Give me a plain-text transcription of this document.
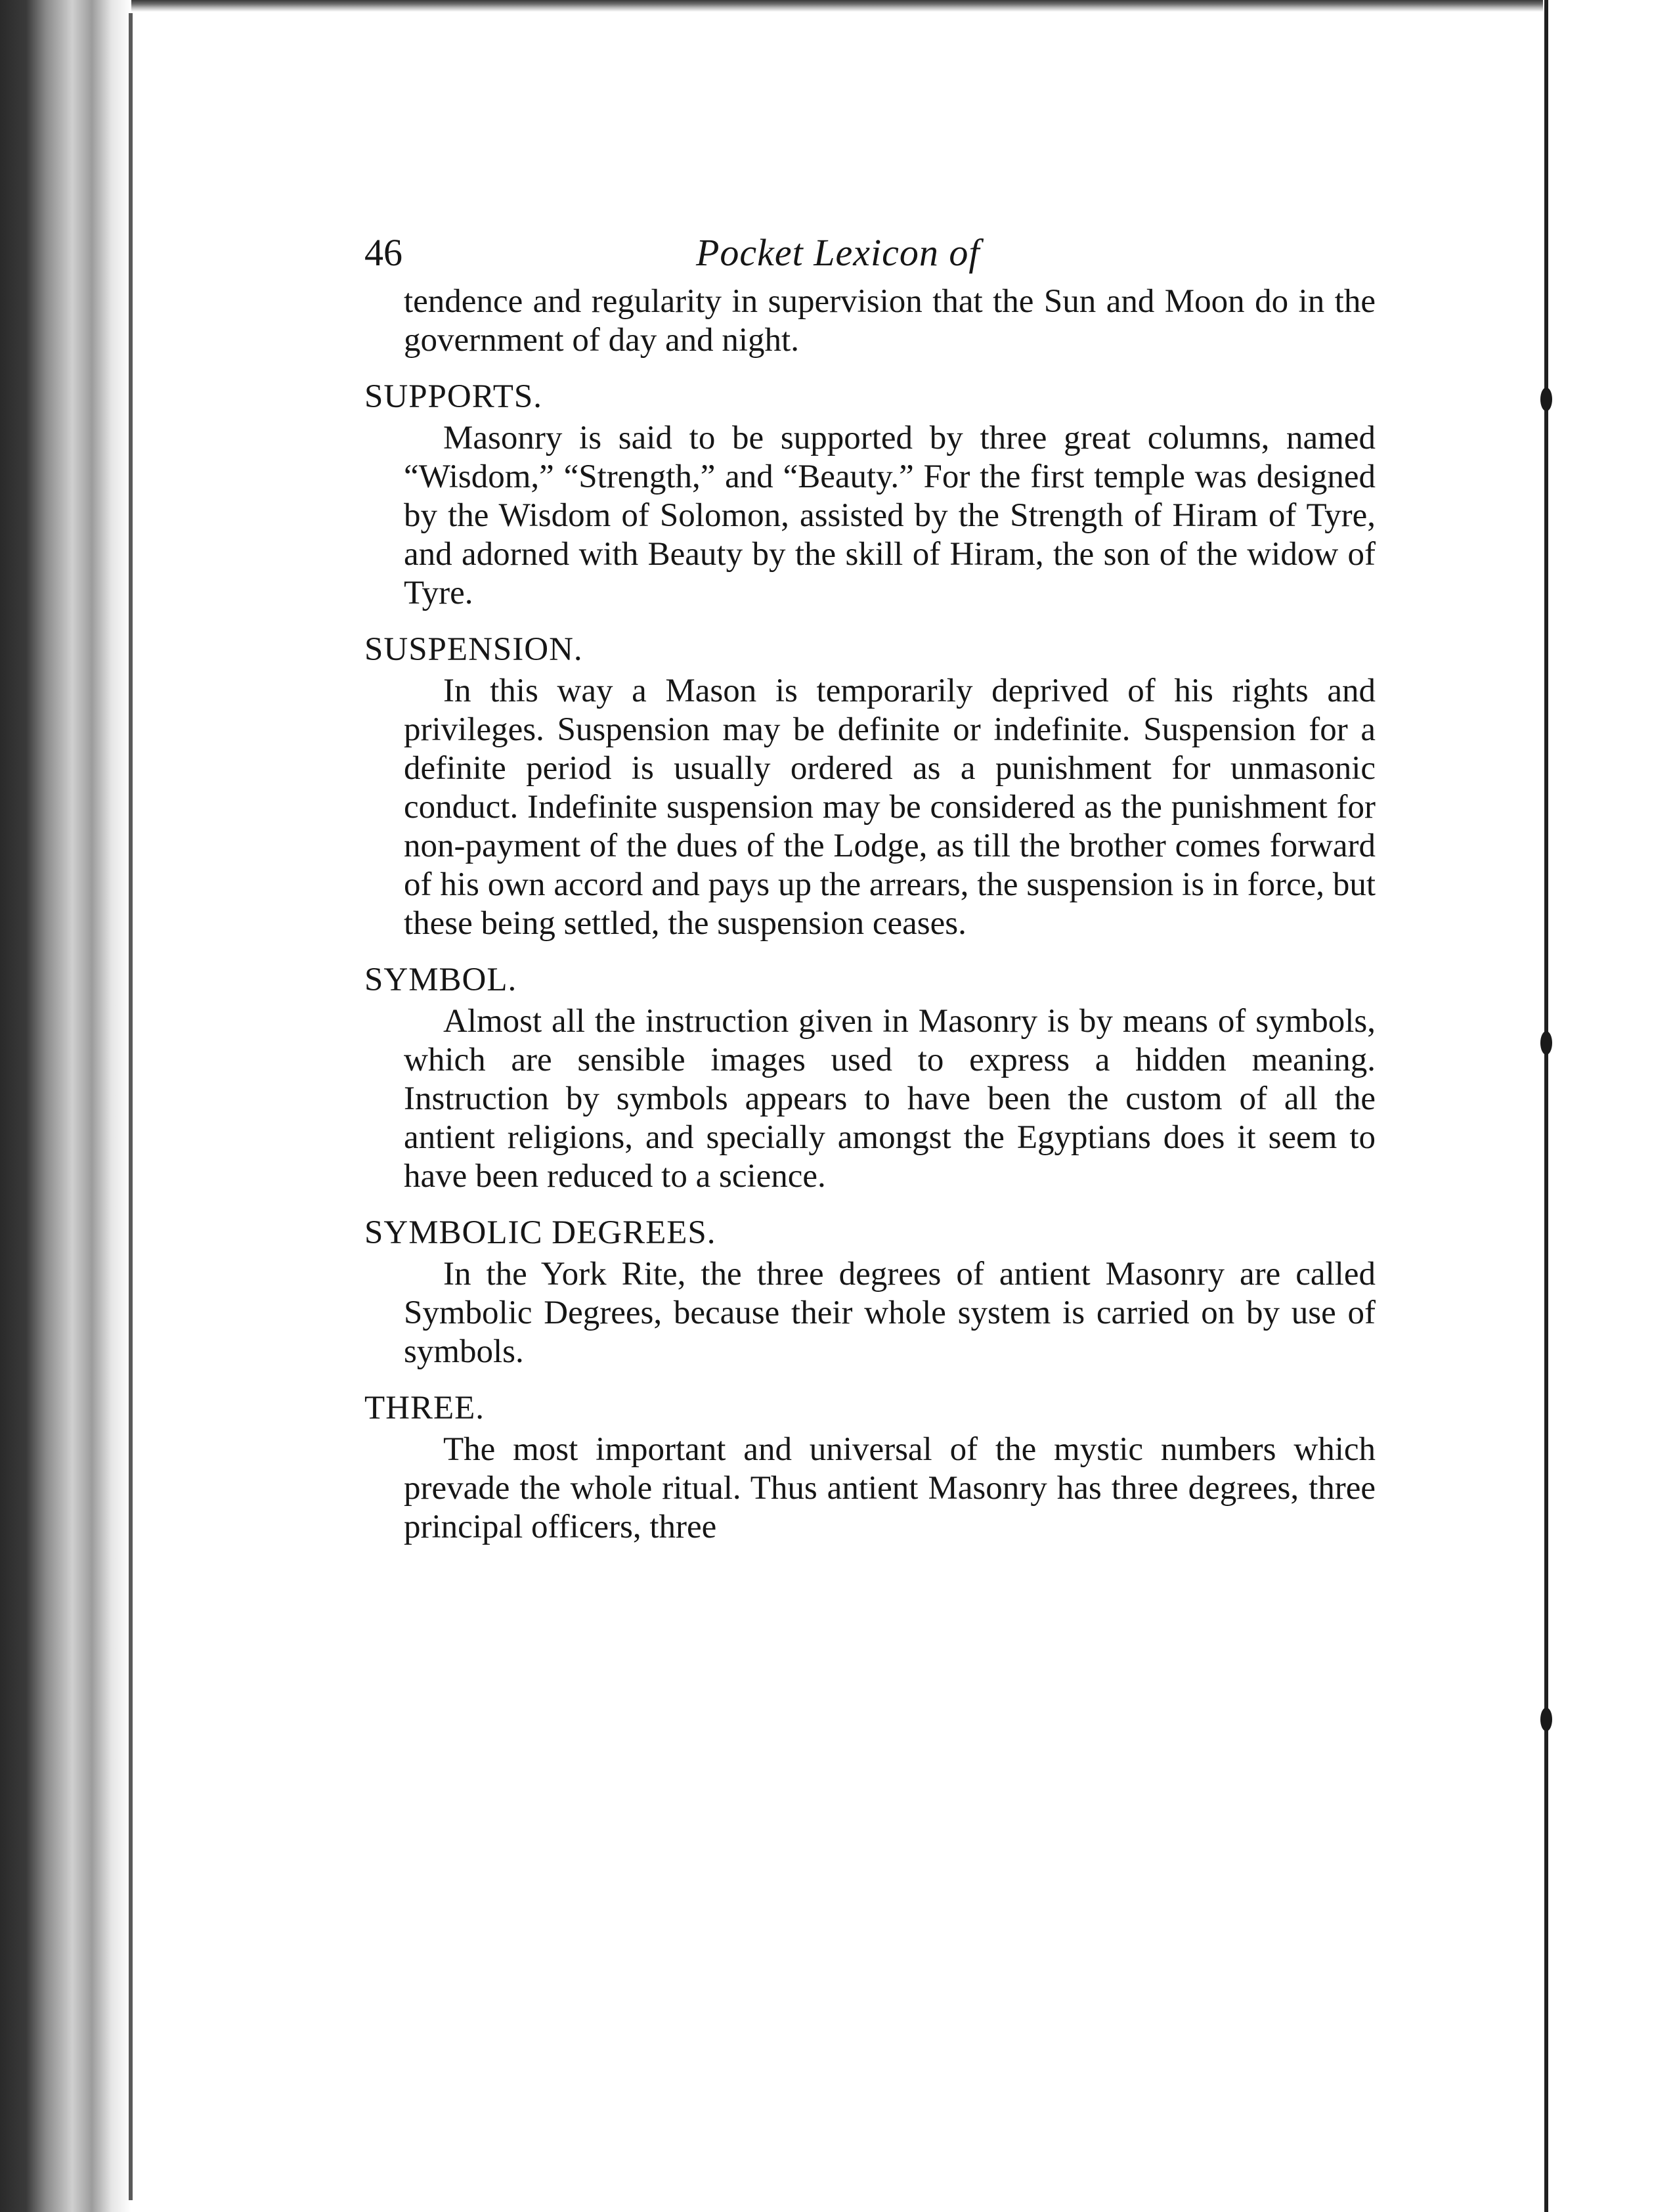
46	Pocket Lexicon of

tendence and regularity in supervision that the Sun and Moon do in the government of day and night.

SUPPORTS.

Masonry is said to be supported by three great columns, named “Wisdom,” “Strength,” and “Beauty.” For the first temple was designed by the Wisdom of Solomon, assisted by the Strength of Hiram of Tyre, and adorned with Beauty by the skill of Hiram, the son of the widow of Tyre.

SUSPENSION.

In this way a Mason is temporarily deprived of his rights and privileges. Suspension may be definite or indefinite. Suspension for a definite period is usually ordered as a punishment for unmasonic conduct. Indefinite suspension may be considered as the punishment for non-payment of the dues of the Lodge, as till the brother comes forward of his own accord and pays up the arrears, the suspension is in force, but these being settled, the suspension ceases.

SYMBOL.

Almost all the instruction given in Masonry is by means of symbols, which are sensible images used to express a hidden meaning. Instruction by symbols appears to have been the custom of all the antient religions, and specially amongst the Egyptians does it seem to have been reduced to a science.

SYMBOLIC DEGREES.

In the York Rite, the three degrees of antient Masonry are called Symbolic Degrees, because their whole system is carried on by use of symbols.

THREE.

The most important and universal of the mystic numbers which prevade the whole ritual. Thus antient Masonry has three degrees, three principal officers, three
